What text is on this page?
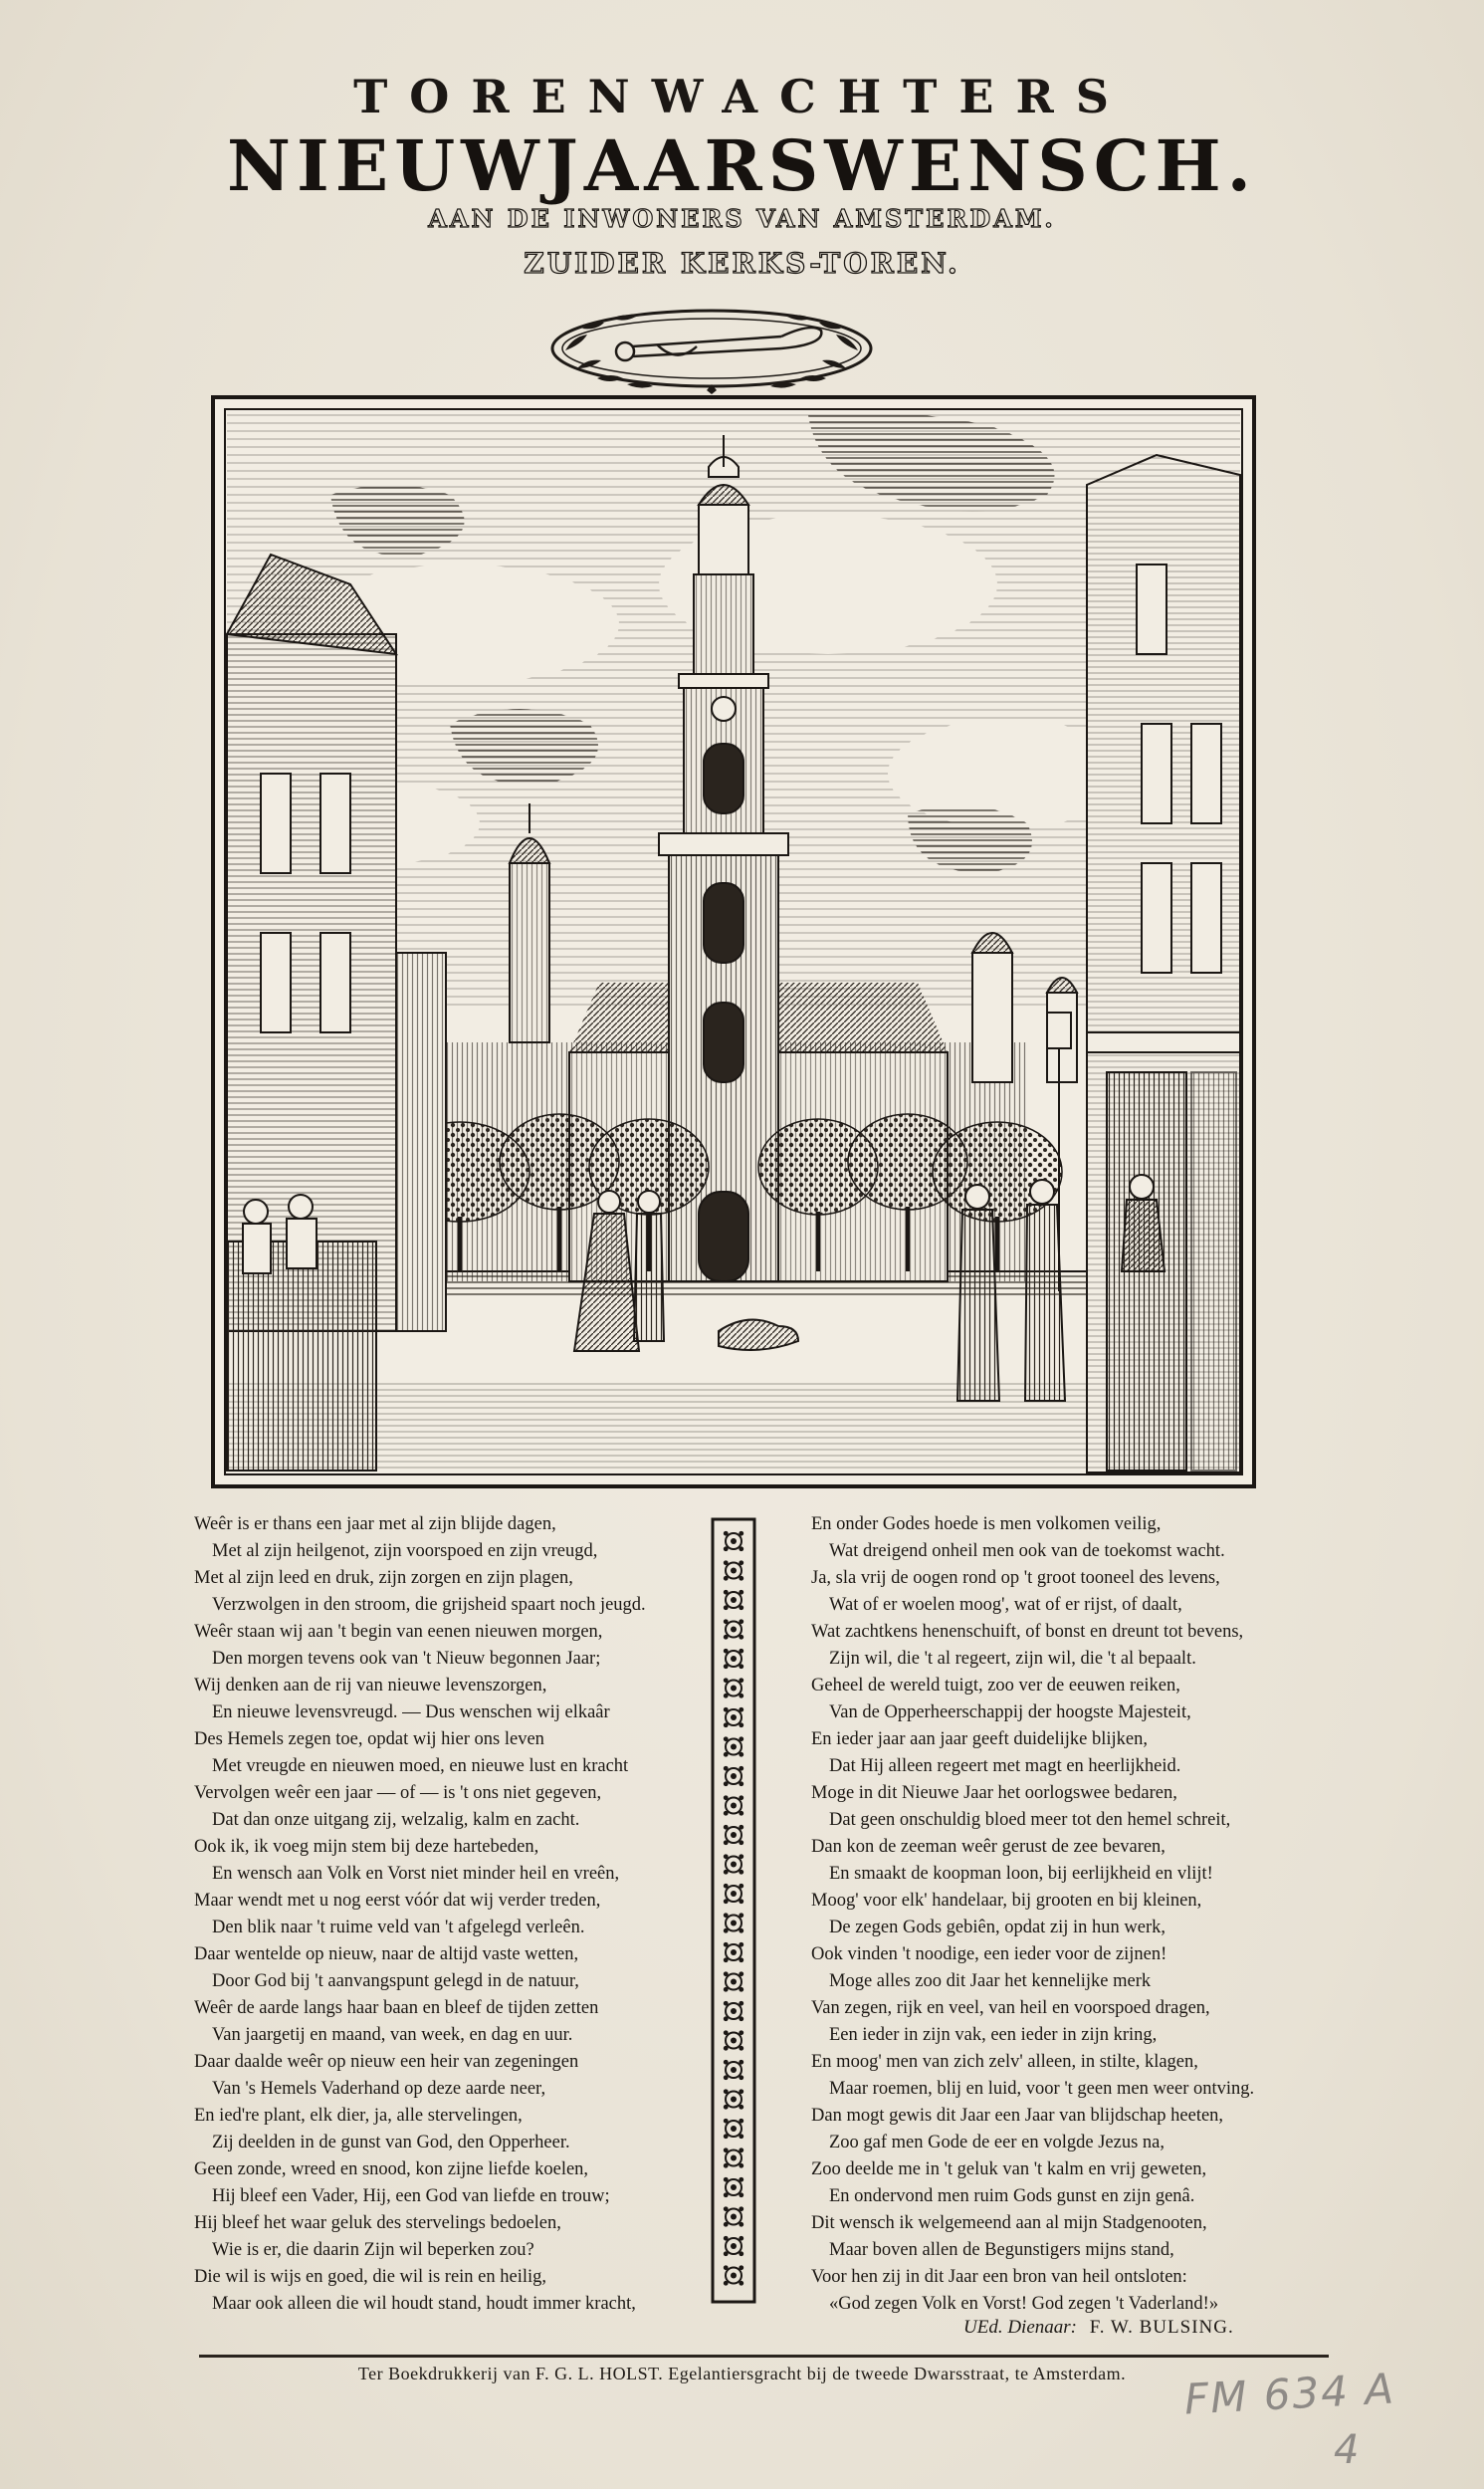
TORENWACHTERS
NIEUWJAARSWENSCH.
AAN DE INWONERS VAN AMSTERDAM.
ZUIDER KERKS-TOREN.
Weêr is er thans een jaar met al zijn blijde dagen,
Met al zijn heilgenot, zijn voorspoed en zijn vreugd,
Met al zijn leed en druk, zijn zorgen en zijn plagen,
Verzwolgen in den stroom, die grijsheid spaart noch jeugd.
Weêr staan wij aan 't begin van eenen nieuwen morgen,
Den morgen tevens ook van 't Nieuw begonnen Jaar;
Wij denken aan de rij van nieuwe levenszorgen,
En nieuwe levensvreugd. — Dus wenschen wij elkaâr
Des Hemels zegen toe, opdat wij hier ons leven
Met vreugde en nieuwen moed, en nieuwe lust en kracht
Vervolgen weêr een jaar — of — is 't ons niet gegeven,
Dat dan onze uitgang zij, welzalig, kalm en zacht.
Ook ik, ik voeg mijn stem bij deze hartebeden,
En wensch aan Volk en Vorst niet minder heil en vreên,
Maar wendt met u nog eerst vóór dat wij verder treden,
Den blik naar 't ruime veld van 't afgelegd verleên.
Daar wentelde op nieuw, naar de altijd vaste wetten,
Door God bij 't aanvangspunt gelegd in de natuur,
Weêr de aarde langs haar baan en bleef de tijden zetten
Van jaargetij en maand, van week, en dag en uur.
Daar daalde weêr op nieuw een heir van zegeningen
Van 's Hemels Vaderhand op deze aarde neer,
En ied're plant, elk dier, ja, alle stervelingen,
Zij deelden in de gunst van God, den Opperheer.
Geen zonde, wreed en snood, kon zijne liefde koelen,
Hij bleef een Vader, Hij, een God van liefde en trouw;
Hij bleef het waar geluk des stervelings bedoelen,
Wie is er, die daarin Zijn wil beperken zou?
Die wil is wijs en goed, die wil is rein en heilig,
Maar ook alleen die wil houdt stand, houdt immer kracht,
En onder Godes hoede is men volkomen veilig,
Wat dreigend onheil men ook van de toekomst wacht.
Ja, sla vrij de oogen rond op 't groot tooneel des levens,
Wat of er woelen moog', wat of er rijst, of daalt,
Wat zachtkens henenschuift, of bonst en dreunt tot bevens,
Zijn wil, die 't al regeert, zijn wil, die 't al bepaalt.
Geheel de wereld tuigt, zoo ver de eeuwen reiken,
Van de Opperheerschappij der hoogste Majesteit,
En ieder jaar aan jaar geeft duidelijke blijken,
Dat Hij alleen regeert met magt en heerlijkheid.
Moge in dit Nieuwe Jaar het oorlogswee bedaren,
Dat geen onschuldig bloed meer tot den hemel schreit,
Dan kon de zeeman weêr gerust de zee bevaren,
En smaakt de koopman loon, bij eerlijkheid en vlijt!
Moog' voor elk' handelaar, bij grooten en bij kleinen,
De zegen Gods gebiên, opdat zij in hun werk,
Ook vinden 't noodige, een ieder voor de zijnen!
Moge alles zoo dit Jaar het kennelijke merk
Van zegen, rijk en veel, van heil en voorspoed dragen,
Een ieder in zijn vak, een ieder in zijn kring,
En moog' men van zich zelv' alleen, in stilte, klagen,
Maar roemen, blij en luid, voor 't geen men weer ontving.
Dan mogt gewis dit Jaar een Jaar van blijdschap heeten,
Zoo gaf men Gode de eer en volgde Jezus na,
Zoo deelde me in 't geluk van 't kalm en vrij geweten,
En ondervond men ruim Gods gunst en zijn genâ.
Dit wensch ik welgemeend aan al mijn Stadgenooten,
Maar boven allen de Begunstigers mijns stand,
Voor hen zij in dit Jaar een bron van heil ontsloten:
«God zegen Volk en Vorst! God zegen 't Vaderland!»
UEd. Dienaar: F. W. BULSING.
Ter Boekdrukkerij van F. G. L. HOLST. Egelantiersgracht bij de tweede Dwarsstraat, te Amsterdam.	FM 634 A
4
